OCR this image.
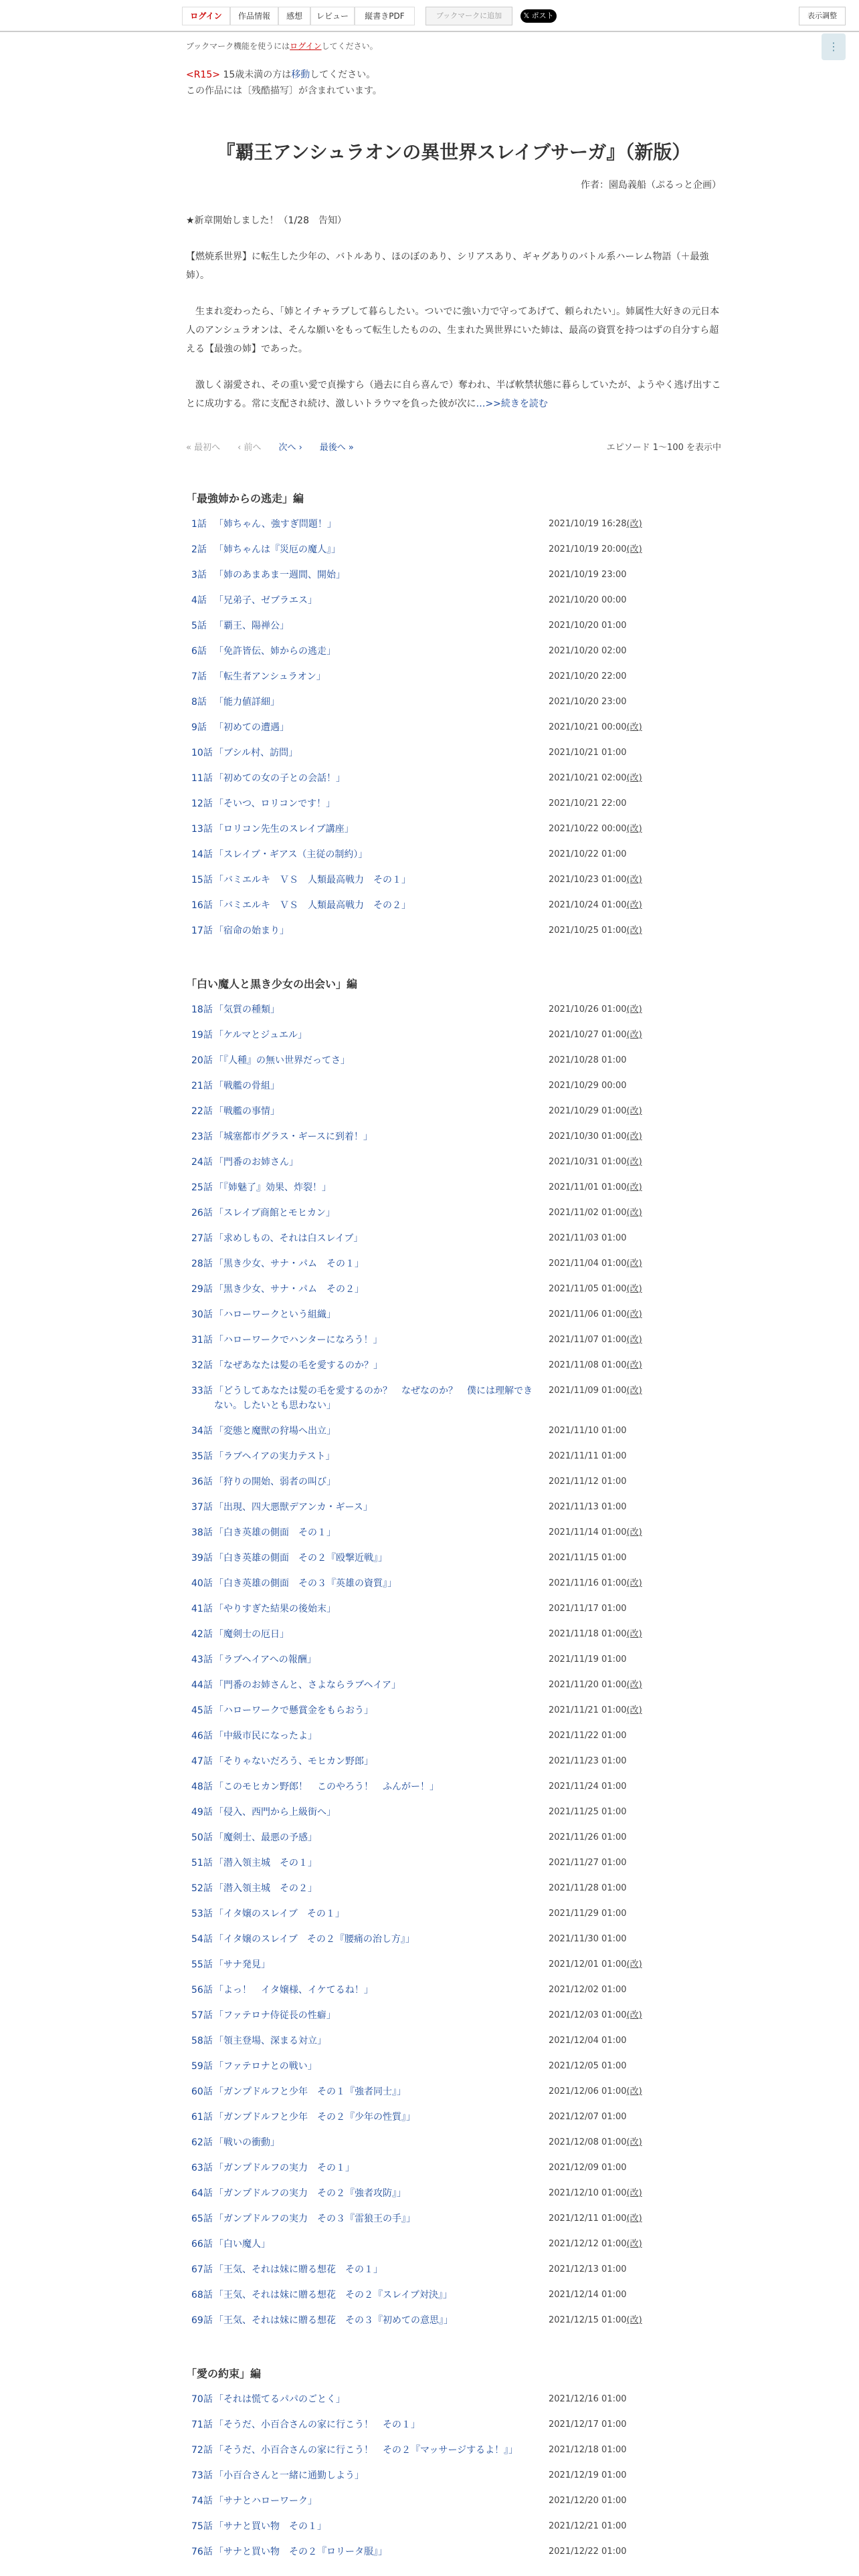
ログイン	作品情報	感想	レビュー	縦書きPDF	ブックマークに追加	𝕏 ポスト	表示調整
⋮
ブックマーク機能を使うにはログインしてください。
<R15> 15歳未満の方は移動してください。
この作品には〔残酷描写〕が含まれています。
『覇王アンシュラオンの異世界スレイブサーガ』（新版）
作者：園島義船（ぷるっと企画）
★新章開始しました！（1/28　告知）
【燃焼系世界】に転生した少年の、バトルあり、ほのぼのあり、シリアスあり、ギャグありのバトル系ハーレム物語（＋最強姉）。
　生まれ変わったら、「姉とイチャラブして暮らしたい。ついでに強い力で守ってあげて、頼られたい」。姉属性大好きの元日本人のアンシュラオンは、そんな願いをもって転生したものの、生まれた異世界にいた姉は、最高の資質を持つはずの自分すら超える【最強の姉】であった。
　激しく溺愛され、その重い愛で貞操すら（過去に自ら喜んで）奪われ、半ば軟禁状態に暮らしていたが、ようやく逃げ出すことに成功する。常に支配され続け、激しいトラウマを負った彼が次に…>>続きを読む
« 最初へ ‹ 前へ 次へ › 最後へ »	エピソード 1～100 を表示中
「最強姉からの逃走」編
1話 「姉ちゃん、強すぎ問題！」	2021/10/19 16:28(改)
2話 「姉ちゃんは『災厄の魔人』」	2021/10/19 20:00(改)
3話 「姉のあまあま一週間、開始」	2021/10/19 23:00
4話 「兄弟子、ゼブラエス」	2021/10/20 00:00
5話 「覇王、陽禅公」	2021/10/20 01:00
6話 「免許皆伝、姉からの逃走」	2021/10/20 02:00
7話 「転生者アンシュラオン」	2021/10/20 22:00
8話 「能力値詳細」	2021/10/20 23:00
9話 「初めての遭遇」	2021/10/21 00:00(改)
10話 「ブシル村、訪問」	2021/10/21 01:00
11話 「初めての女の子との会話！」	2021/10/21 02:00(改)
12話 「そいつ、ロリコンです！」	2021/10/21 22:00
13話 「ロリコン先生のスレイブ講座」	2021/10/22 00:00(改)
14話 「スレイブ・ギアス（主従の制約）」	2021/10/22 01:00
15話 「バミエルキ　ＶＳ　人類最高戦力　その１」	2021/10/23 01:00(改)
16話 「バミエルキ　ＶＳ　人類最高戦力　その２」	2021/10/24 01:00(改)
17話 「宿命の始まり」	2021/10/25 01:00(改)
「白い魔人と黒き少女の出会い」編
18話 「気質の種類」	2021/10/26 01:00(改)
19話 「ケルマとジュエル」	2021/10/27 01:00(改)
20話 「『人種』の無い世界だってさ」	2021/10/28 01:00
21話 「戦艦の骨組」	2021/10/29 00:00
22話 「戦艦の事情」	2021/10/29 01:00(改)
23話 「城塞都市グラス・ギースに到着！」	2021/10/30 01:00(改)
24話 「門番のお姉さん」	2021/10/31 01:00(改)
25話 「『姉魅了』効果、炸裂！」	2021/11/01 01:00(改)
26話 「スレイブ商館とモヒカン」	2021/11/02 01:00(改)
27話 「求めしもの、それは白スレイブ」	2021/11/03 01:00
28話 「黒き少女、サナ・パム　その１」	2021/11/04 01:00(改)
29話 「黒き少女、サナ・パム　その２」	2021/11/05 01:00(改)
30話 「ハローワークという組織」	2021/11/06 01:00(改)
31話 「ハローワークでハンターになろう！」	2021/11/07 01:00(改)
32話 「なぜあなたは髪の毛を愛するのか？」	2021/11/08 01:00(改)
33話 「どうしてあなたは髪の毛を愛するのか？　なぜなのか？　僕には理解できない。したいとも思わない」
2021/11/09 01:00(改)
34話 「変態と魔獣の狩場へ出立」	2021/11/10 01:00
35話 「ラブヘイアの実力テスト」	2021/11/11 01:00
36話 「狩りの開始、弱者の叫び」	2021/11/12 01:00
37話 「出現、四大悪獣デアンカ・ギース」	2021/11/13 01:00
38話 「白き英雄の側面　その１」	2021/11/14 01:00(改)
39話 「白き英雄の側面　その２『殴撃近戦』」	2021/11/15 01:00
40話 「白き英雄の側面　その３『英雄の資質』」	2021/11/16 01:00(改)
41話 「やりすぎた結果の後始末」	2021/11/17 01:00
42話 「魔剣士の厄日」	2021/11/18 01:00(改)
43話 「ラブヘイアへの報酬」	2021/11/19 01:00
44話 「門番のお姉さんと、さよならラブヘイア」	2021/11/20 01:00(改)
45話 「ハローワークで懸賞金をもらおう」	2021/11/21 01:00(改)
46話 「中級市民になったよ」	2021/11/22 01:00
47話 「そりゃないだろう、モヒカン野郎」	2021/11/23 01:00
48話 「このモヒカン野郎！　このやろう！　ふんがー！」	2021/11/24 01:00
49話 「侵入、西門から上級街へ」	2021/11/25 01:00
50話 「魔剣士、最悪の予感」	2021/11/26 01:00
51話 「潜入領主城　その１」	2021/11/27 01:00
52話 「潜入領主城　その２」	2021/11/28 01:00
53話 「イタ嬢のスレイブ　その１」	2021/11/29 01:00
54話 「イタ嬢のスレイブ　その２『腰痛の治し方』」	2021/11/30 01:00
55話 「サナ発見」	2021/12/01 01:00(改)
56話 「よっ！　イタ嬢様、イケてるね！」	2021/12/02 01:00
57話 「ファテロナ侍従長の性癖」	2021/12/03 01:00(改)
58話 「領主登場、深まる対立」	2021/12/04 01:00
59話 「ファテロナとの戦い」	2021/12/05 01:00
60話 「ガンプドルフと少年　その１『強者同士』」	2021/12/06 01:00(改)
61話 「ガンプドルフと少年　その２『少年の性質』」	2021/12/07 01:00
62話 「戦いの衝動」	2021/12/08 01:00(改)
63話 「ガンプドルフの実力　その１」	2021/12/09 01:00
64話 「ガンプドルフの実力　その２『強者攻防』」	2021/12/10 01:00(改)
65話 「ガンプドルフの実力　その３『雷狼王の手』」	2021/12/11 01:00(改)
66話 「白い魔人」	2021/12/12 01:00(改)
67話 「王気、それは妹に贈る想花　その１」	2021/12/13 01:00
68話 「王気、それは妹に贈る想花　その２『スレイブ対決』」	2021/12/14 01:00
69話 「王気、それは妹に贈る想花　その３『初めての意思』」	2021/12/15 01:00(改)
「愛の約束」編
70話 「それは慌てるパパのごとく」	2021/12/16 01:00
71話 「そうだ、小百合さんの家に行こう！　その１」	2021/12/17 01:00
72話 「そうだ、小百合さんの家に行こう！　その２『マッサージするよ！』」	2021/12/18 01:00
73話 「小百合さんと一緒に通勤しよう」	2021/12/19 01:00
74話 「サナとハローワーク」	2021/12/20 01:00
75話 「サナと買い物　その１」	2021/12/21 01:00
76話 「サナと買い物　その２『ロリータ服』」	2021/12/22 01:00
